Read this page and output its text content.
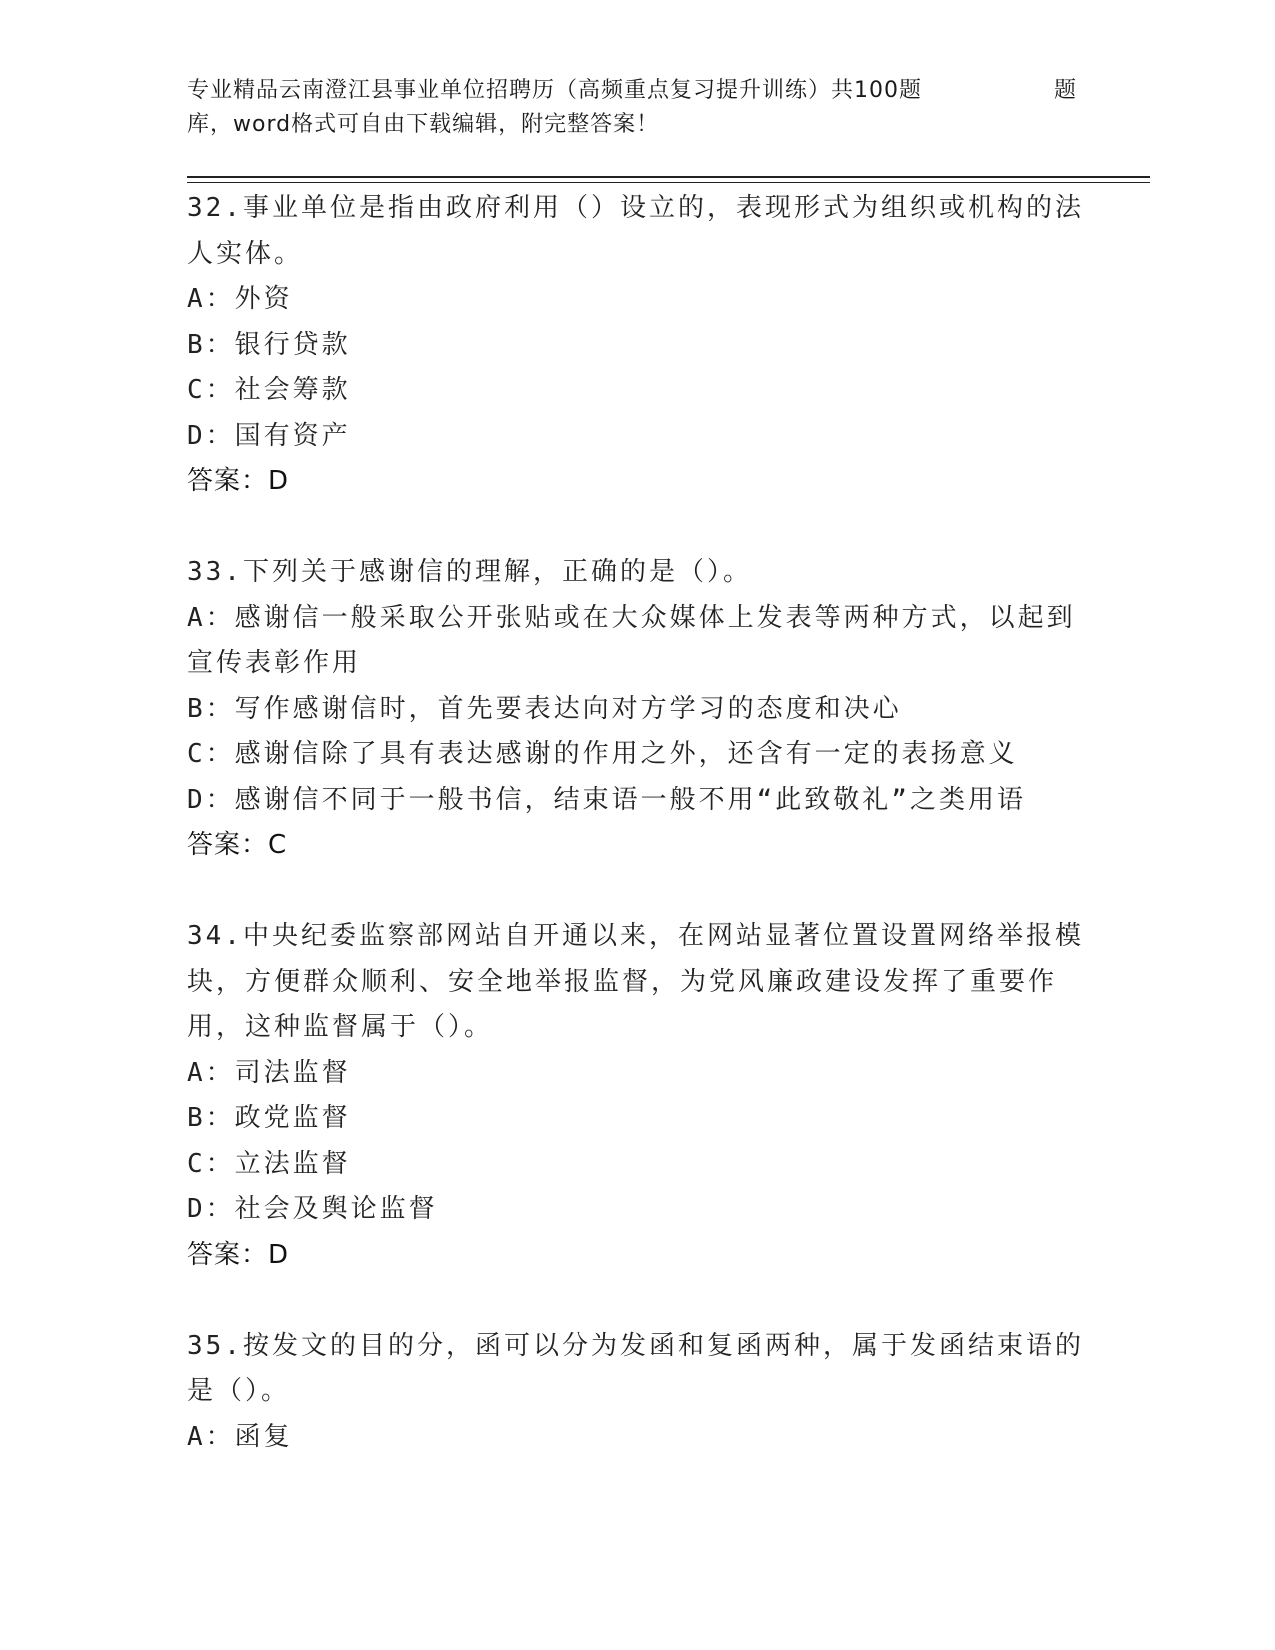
专业精品云南澄江县事业单位招聘历（高频重点复习提升训练）共100题	题
库，word格式可自由下载编辑，附完整答案！
32.事业单位是指由政府利用（）设立的，表现形式为组织或机构的法
人实体。
A：外资
B：银行贷款
C：社会筹款
D：国有资产
答案：D
33.下列关于感谢信的理解，正确的是（）。
A：感谢信一般采取公开张贴或在大众媒体上发表等两种方式，以起到
宣传表彰作用
B：写作感谢信时，首先要表达向对方学习的态度和决心
C：感谢信除了具有表达感谢的作用之外，还含有一定的表扬意义
D：感谢信不同于一般书信，结束语一般不用“此致敬礼”之类用语
答案：C
34.中央纪委监察部网站自开通以来，在网站显著位置设置网络举报模
块，方便群众顺利、安全地举报监督，为党风廉政建设发挥了重要作
用，这种监督属于（）。
A：司法监督
B：政党监督
C：立法监督
D：社会及舆论监督
答案：D
35.按发文的目的分，函可以分为发函和复函两种，属于发函结束语的
是（）。
A：函复
